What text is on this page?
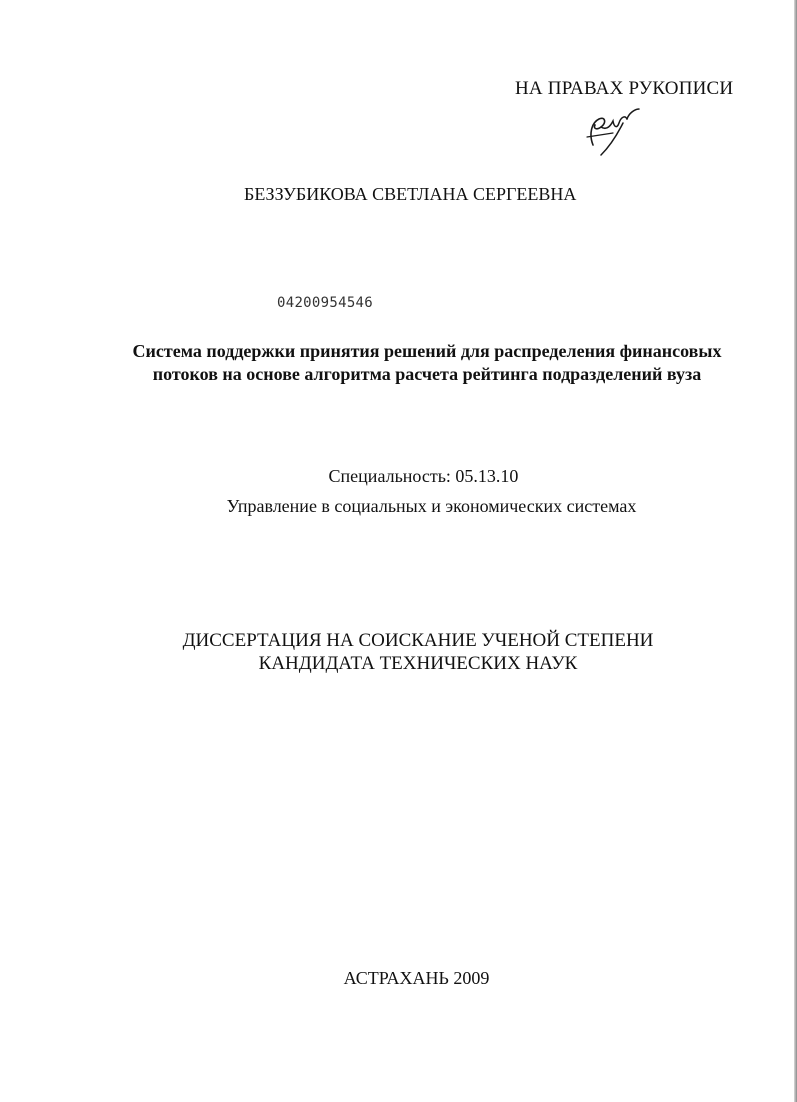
НА ПРАВАХ РУКОПИСИ
БЕЗЗУБИКОВА СВЕТЛАНА СЕРГЕЕВНА
04200954546
Система поддержки принятия решений для распределения финансовых
потоков на основе алгоритма расчета рейтинга подразделений вуза
Специальность: 05.13.10
Управление в социальных и экономических системах
ДИССЕРТАЦИЯ НА СОИСКАНИЕ УЧЕНОЙ СТЕПЕНИ
КАНДИДАТА ТЕХНИЧЕСКИХ НАУК
АСТРАХАНЬ 2009
